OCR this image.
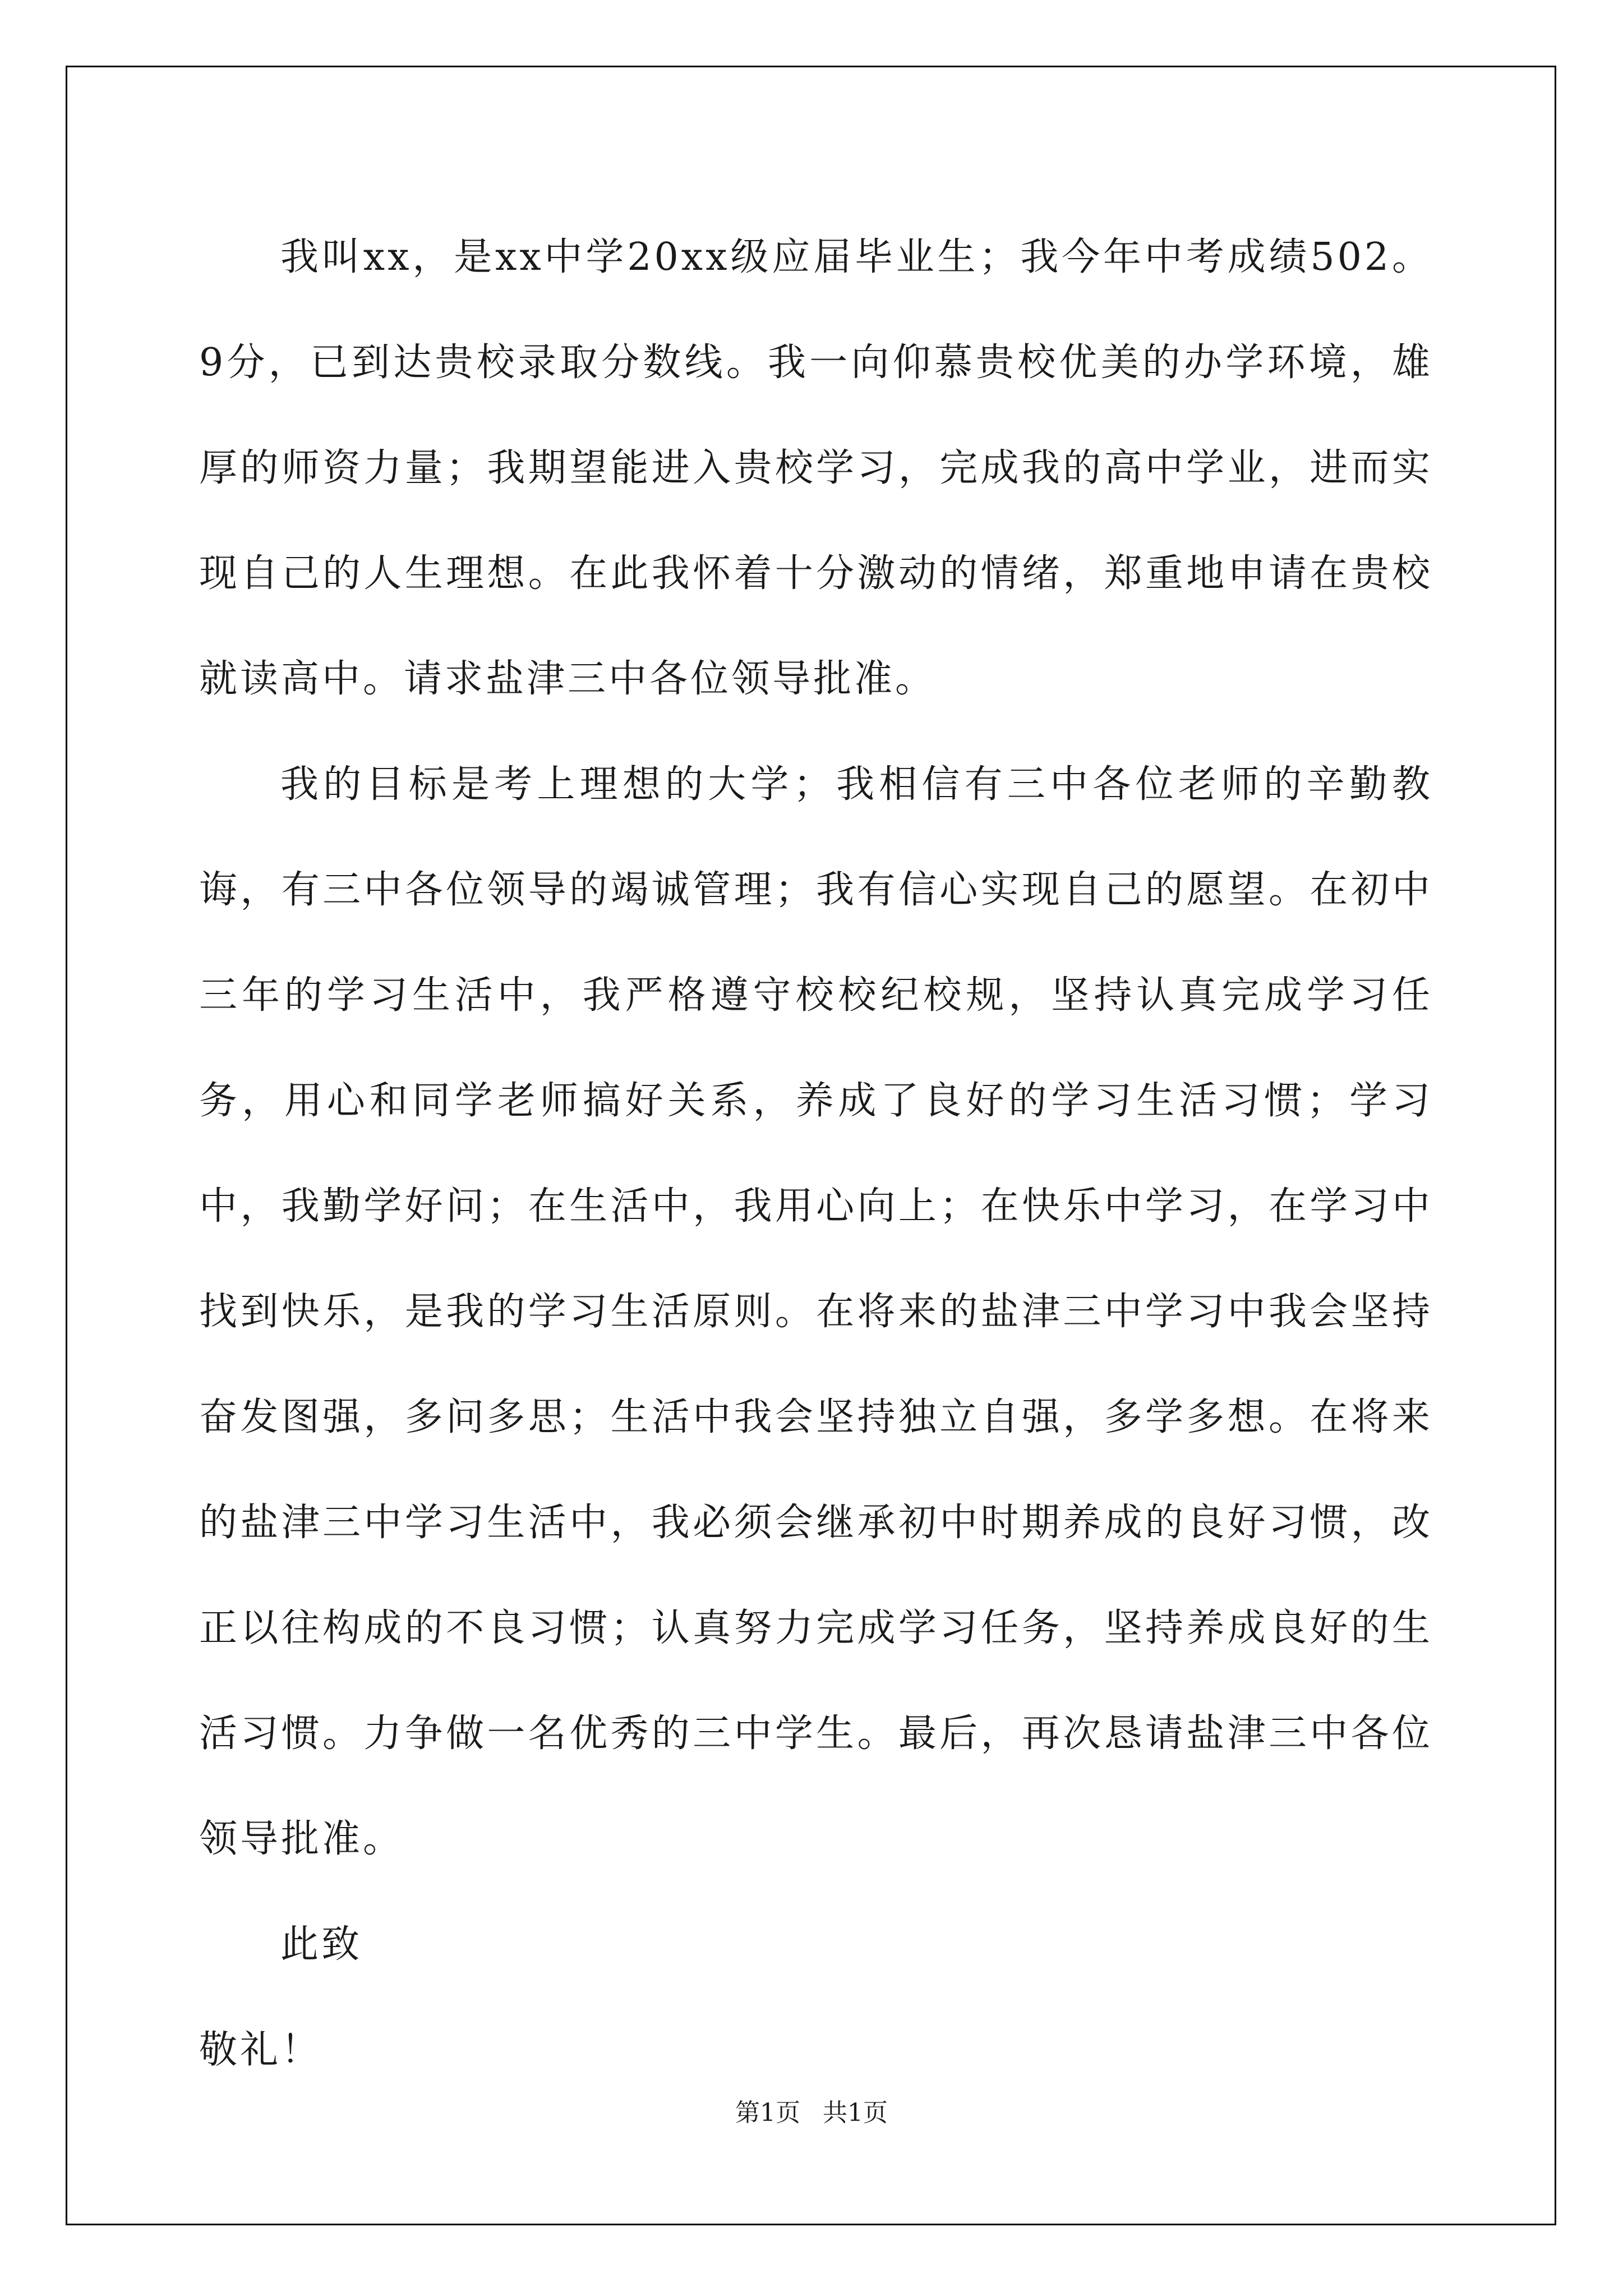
我叫xx，是xx中学20xx级应届毕业生；我今年中考成绩502。9分，已到达贵校录取分数线。我一向仰慕贵校优美的办学环境，雄厚的师资力量；我期望能进入贵校学习，完成我的高中学业，进而实现自己的人生理想。在此我怀着十分激动的情绪，郑重地申请在贵校就读高中。请求盐津三中各位领导批准。

我的目标是考上理想的大学；我相信有三中各位老师的辛勤教诲，有三中各位领导的竭诚管理；我有信心实现自己的愿望。在初中三年的学习生活中，我严格遵守校校纪校规，坚持认真完成学习任务，用心和同学老师搞好关系，养成了良好的学习生活习惯；学习中，我勤学好问；在生活中，我用心向上；在快乐中学习，在学习中找到快乐，是我的学习生活原则。在将来的盐津三中学习中我会坚持奋发图强，多问多思；生活中我会坚持独立自强，多学多想。在将来的盐津三中学习生活中，我必须会继承初中时期养成的良好习惯，改正以往构成的不良习惯；认真努力完成学习任务，坚持养成良好的生活习惯。力争做一名优秀的三中学生。最后，再次恳请盐津三中各位领导批准。

此致

敬礼！

第1页 共1页
